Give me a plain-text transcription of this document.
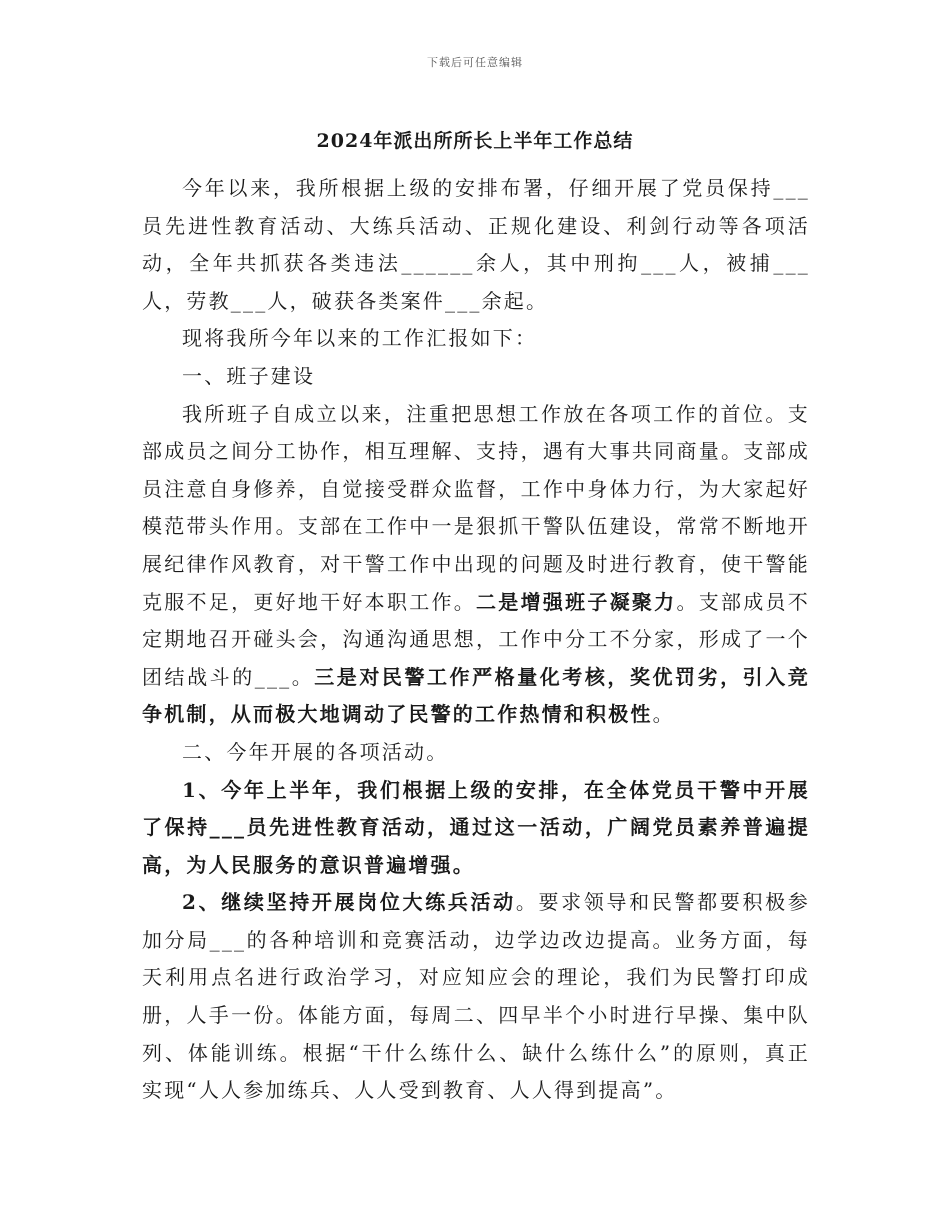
下载后可任意编辑
2024年派出所所长上半年工作总结

今年以来，我所根据上级的安排布署，仔细开展了党员保持___员先进性教育活动、大练兵活动、正规化建设、利剑行动等各项活动，全年共抓获各类违法______余人，其中刑拘___人，被捕___人，劳教___人，破获各类案件___余起。

现将我所今年以来的工作汇报如下：

一、班子建设

我所班子自成立以来，注重把思想工作放在各项工作的首位。支部成员之间分工协作，相互理解、支持，遇有大事共同商量。支部成员注意自身修养，自觉接受群众监督，工作中身体力行，为大家起好模范带头作用。支部在工作中一是狠抓干警队伍建设，常常不断地开展纪律作风教育，对干警工作中出现的问题及时进行教育，使干警能克服不足，更好地干好本职工作。二是增强班子凝聚力。支部成员不定期地召开碰头会，沟通沟通思想，工作中分工不分家，形成了一个团结战斗的___。三是对民警工作严格量化考核，奖优罚劣，引入竞争机制，从而极大地调动了民警的工作热情和积极性。

二、今年开展的各项活动。

1、今年上半年，我们根据上级的安排，在全体党员干警中开展了保持___员先进性教育活动，通过这一活动，广阔党员素养普遍提高，为人民服务的意识普遍增强。

2、继续坚持开展岗位大练兵活动。要求领导和民警都要积极参加分局___的各种培训和竞赛活动，边学边改边提高。业务方面，每天利用点名进行政治学习，对应知应会的理论，我们为民警打印成册，人手一份。体能方面，每周二、四早半个小时进行早操、集中队列、体能训练。根据“干什么练什么、缺什么练什么”的原则，真正实现“人人参加练兵、人人受到教育、人人得到提高”。
